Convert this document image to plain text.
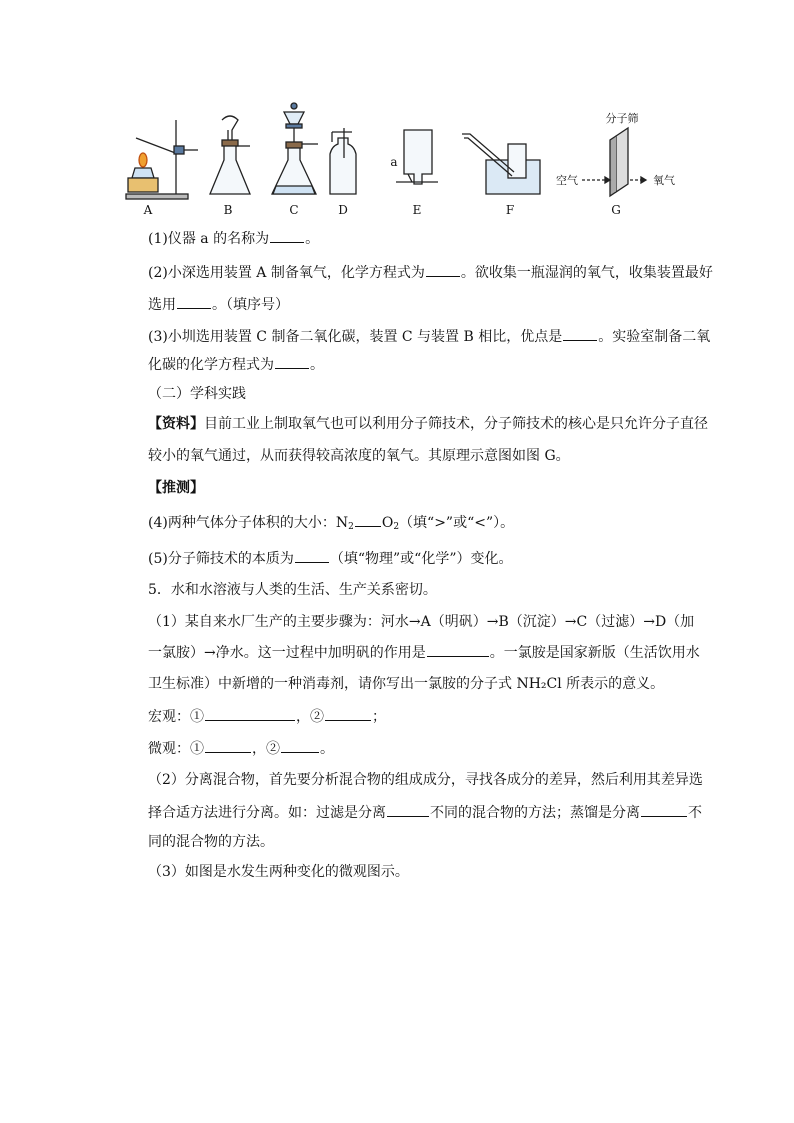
A	B	C	D	E	F	G
a
分子筛
空气	氧气
(1)仪器 a 的名称为	。
(2)小深选用装置 A 制备氧气，化学方程式为	。欲收集一瓶湿润的氧气，收集装置最好
选用	。（填序号）
(3)小圳选用装置 C 制备二氧化碳，装置 C 与装置 B 相比，优点是	。实验室制备二氧
化碳的化学方程式为	。
（二）学科实践
【资料】目前工业上制取氧气也可以利用分子筛技术，分子筛技术的核心是只允许分子直径
较小的氧气通过，从而获得较高浓度的氧气。其原理示意图如图 G。
【推测】
(4)两种气体分子体积的大小：$N_2$ $O_2$（填“>”或“<”）。
(5)分子筛技术的本质为	（填“物理”或“化学”）变化。
5．水和水溶液与人类的生活、生产关系密切。
（1）某自来水厂生产的主要步骤为：河水→A（明矾）→B（沉淀）→C（过滤）→D（加
一氯胺）→净水。这一过程中加明矾的作用是	。一氯胺是国家新版（生活饮用水
卫生标准）中新增的一种消毒剂，请你写出一氯胺的分子式 NH₂Cl 所表示的意义。
宏观：①	，②	；
微观：①	，②	。
（2）分离混合物，首先要分析混合物的组成成分，寻找各成分的差异，然后利用其差异选
择合适方法进行分离。如：过滤是分离	不同的混合物的方法；蒸馏是分离	不
同的混合物的方法。
（3）如图是水发生两种变化的微观图示。
